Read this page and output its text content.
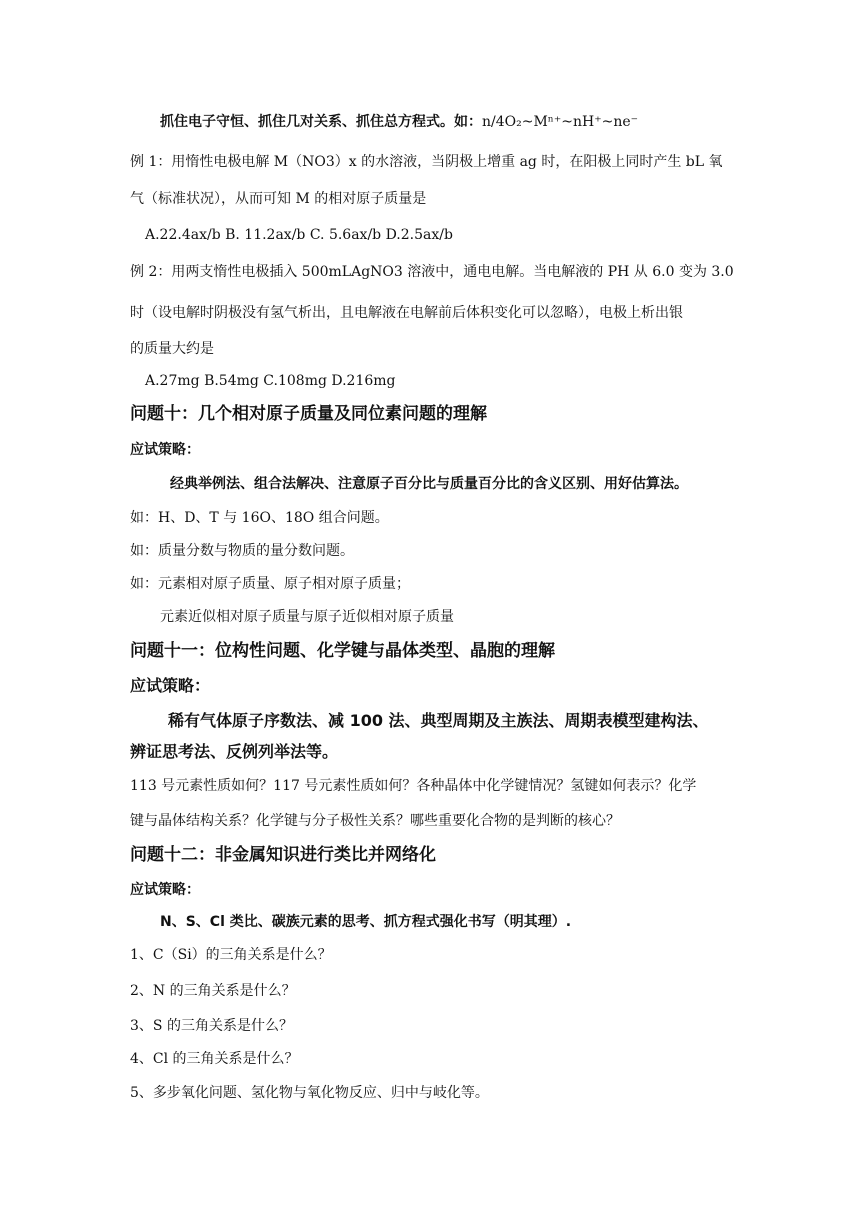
抓住电子守恒、抓住几对关系、抓住总方程式。如：n/4O₂~Mⁿ⁺~nH⁺~ne⁻
例 1：用惰性电极电解 M（NO3）x 的水溶液，当阴极上增重 ag 时，在阳极上同时产生 bL 氧
气（标准状况），从而可知 M 的相对原子质量是
A.22.4ax/b B. 11.2ax/b C. 5.6ax/b D.2.5ax/b
例 2：用两支惰性电极插入 500mLAgNO3 溶液中，通电电解。当电解液的 PH 从 6.0 变为 3.0
时（设电解时阴极没有氢气析出，且电解液在电解前后体积变化可以忽略），电极上析出银
的质量大约是
A.27mg B.54mg C.108mg D.216mg
问题十：几个相对原子质量及同位素问题的理解
应试策略：
经典举例法、组合法解决、注意原子百分比与质量百分比的含义区别、用好估算法。
如：H、D、T 与 16O、18O 组合问题。
如：质量分数与物质的量分数问题。
如：元素相对原子质量、原子相对原子质量；
元素近似相对原子质量与原子近似相对原子质量
问题十一：位构性问题、化学键与晶体类型、晶胞的理解
应试策略：
稀有气体原子序数法、减 100 法、典型周期及主族法、周期表模型建构法、
辨证思考法、反例列举法等。
113 号元素性质如何？117 号元素性质如何？各种晶体中化学键情况？氢键如何表示？化学
键与晶体结构关系？化学键与分子极性关系？哪些重要化合物的是判断的核心？
问题十二：非金属知识进行类比并网络化
应试策略：
N、S、Cl 类比、碳族元素的思考、抓方程式强化书写（明其理）.
1、C（Si）的三角关系是什么？
2、N 的三角关系是什么？
3、S 的三角关系是什么？
4、Cl 的三角关系是什么？
5、多步氧化问题、氢化物与氧化物反应、归中与岐化等。
